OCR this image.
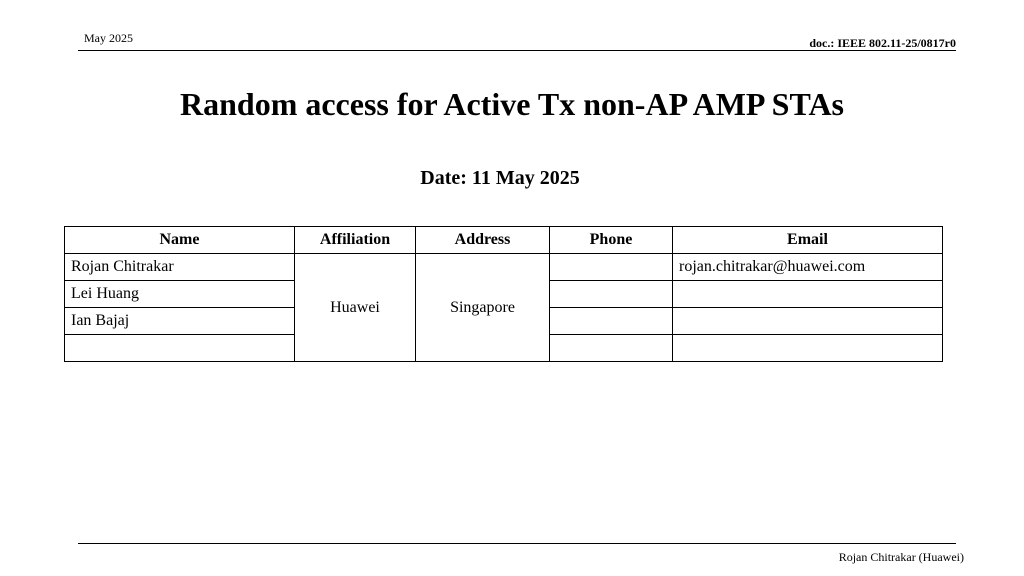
May 2025	doc.: IEEE 802.11-25/0817r0
Random access for Active Tx non-AP AMP STAs
Date: 11 May 2025
Name	Affiliation	Address	Phone	Email
Rojan Chitrakar	Huawei	Singapore		rojan.chitrakar@huawei.com
Lei Huang				
Ian Bajaj				

Rojan Chitrakar (Huawei)
